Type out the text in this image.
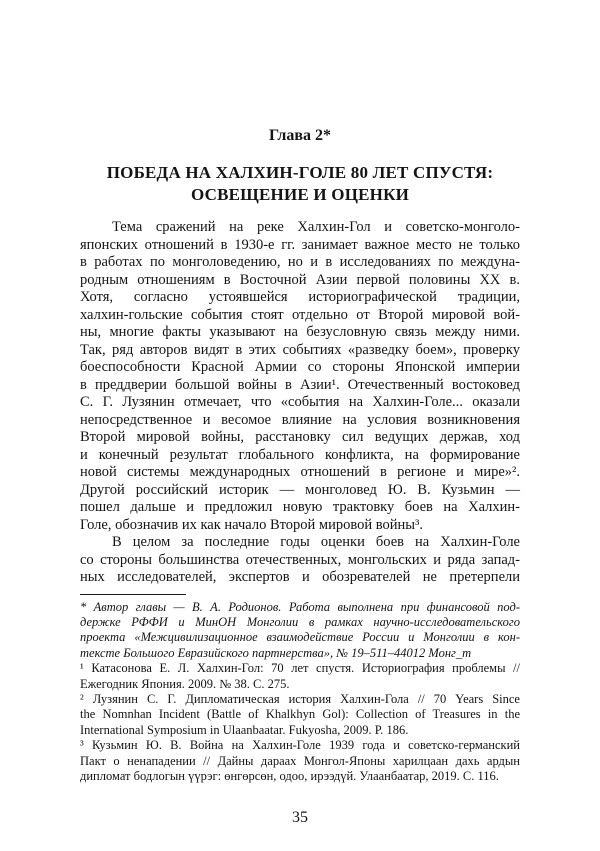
Глава 2*
ПОБЕДА НА ХАЛХИН-ГОЛЕ 80 ЛЕТ СПУСТЯ:
ОСВЕЩЕНИЕ И ОЦЕНКИ
Тема сражений на реке Халхин-Гол и советско-монголо-
японских отношений в 1930-е гг. занимает важное место не только
в работах по монголоведению, но и в исследованиях по междуна-
родным отношениям в Восточной Азии первой половины XX в.
Хотя, согласно устоявшейся историографической традиции,
халхин-гольские события стоят отдельно от Второй мировой вой-
ны, многие факты указывают на безусловную связь между ними.
Так, ряд авторов видят в этих событиях «разведку боем», проверку
боеспособности Красной Армии со стороны Японской империи
в преддверии большой войны в Азии¹. Отечественный востоковед
С. Г. Лузянин отмечает, что «события на Халхин-Голе... оказали
непосредственное и весомое влияние на условия возникновения
Второй мировой войны, расстановку сил ведущих держав, ход
и конечный результат глобального конфликта, на формирование
новой системы международных отношений в регионе и мире»².
Другой российский историк — монголовед Ю. В. Кузьмин —
пошел дальше и предложил новую трактовку боев на Халхин-
Голе, обозначив их как начало Второй мировой войны³.
В целом за последние годы оценки боев на Халхин-Голе
со стороны большинства отечественных, монгольских и ряда запад-
ных исследователей, экспертов и обозревателей не претерпели
* Автор главы — В. А. Родионов. Работа выполнена при финансовой под-
держке РФФИ и МинОН Монголии в рамках научно-исследовательского
проекта «Межцивилизационное взаимодействие России и Монголии в кон-
тексте Большого Евразийского партнерства», № 19–511–44012 Монг_m
¹ Катасонова Е. Л. Халхин-Гол: 70 лет спустя. Историография проблемы //
Ежегодник Япония. 2009. № 38. С. 275.
² Лузянин С. Г. Дипломатическая история Халхин-Гола // 70 Years Since
the Nomnhan Incident (Battle of Khalkhyn Gol): Collection of Treasures in the
International Symposium in Ulaanbaatar. Fukyosha, 2009. P. 186.
³ Кузьмин Ю. В. Война на Халхин-Голе 1939 года и советско-германский
Пакт о ненападении // Дайны дараах Монгол-Японы харилцаан дахь ардын
дипломат бодлогын үүрэг: өнгөрсөн, одоо, ирээдүй. Улаанбаатар, 2019. С. 116.
35
